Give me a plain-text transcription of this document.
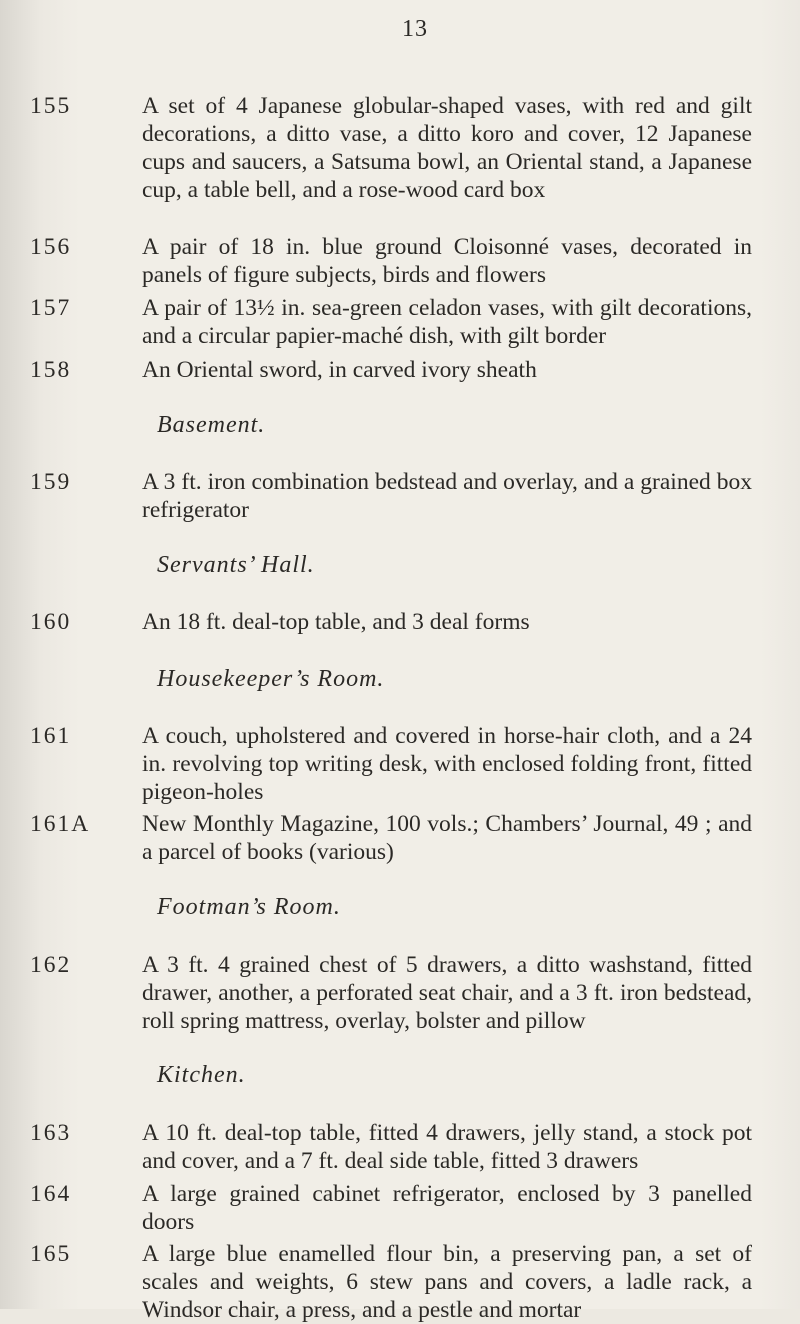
13
155	A set of 4 Japanese globular-shaped vases, with red and gilt decorations, a ditto vase, a ditto koro and cover, 12 Japanese cups and saucers, a Satsuma bowl, an Oriental stand, a Japanese cup, a table bell, and a rose-wood card box
156	A pair of 18 in. blue ground Cloisonné vases, decorated in panels of figure subjects, birds and flowers
157	A pair of 13½ in. sea-green celadon vases, with gilt decorations, and a circular papier-maché dish, with gilt border
158	An Oriental sword, in carved ivory sheath
Basement.
159	A 3 ft. iron combination bedstead and overlay, and a grained box refrigerator
Servants’ Hall.
160	An 18 ft. deal-top table, and 3 deal forms
Housekeeper’s Room.
161	A couch, upholstered and covered in horse-hair cloth, and a 24 in. revolving top writing desk, with enclosed folding front, fitted pigeon-holes
161A	New Monthly Magazine, 100 vols.; Chambers’ Journal, 49 ; and a parcel of books (various)
Footman’s Room.
162	A 3 ft. 4 grained chest of 5 drawers, a ditto washstand, fitted drawer, another, a perforated seat chair, and a 3 ft. iron bedstead, roll spring mattress, overlay, bolster and pillow
Kitchen.
163	A 10 ft. deal-top table, fitted 4 drawers, jelly stand, a stock pot and cover, and a 7 ft. deal side table, fitted 3 drawers
164	A large grained cabinet refrigerator, enclosed by 3 panelled doors
165	A large blue enamelled flour bin, a preserving pan, a set of scales and weights, 6 stew pans and covers, a ladle rack, a Windsor chair, a press, and a pestle and mortar
